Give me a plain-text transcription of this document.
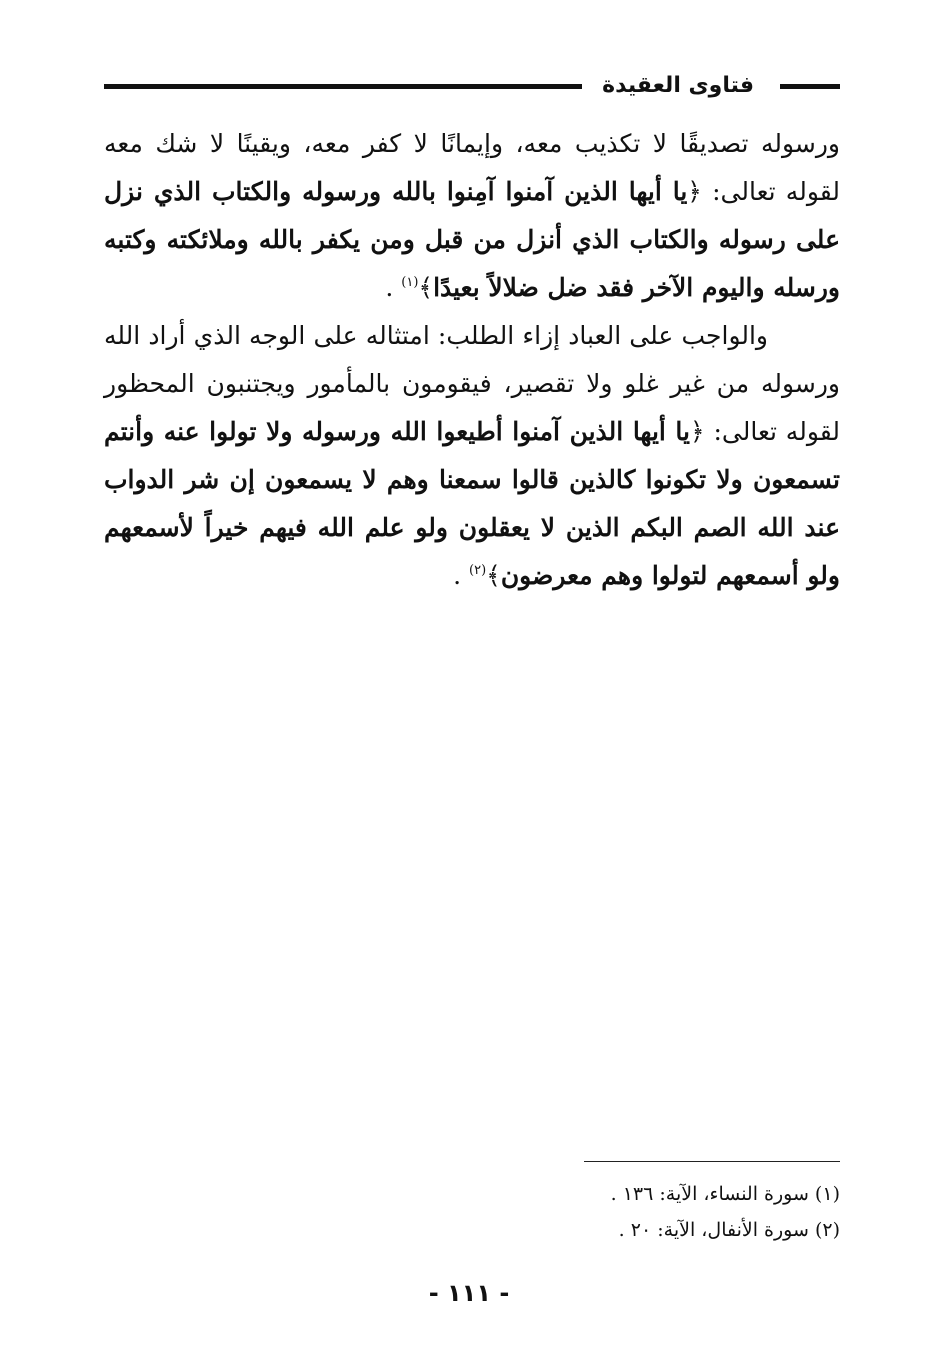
فتاوى العقيدة

ورسوله تصديقًا لا تكذيب معه، وإيمانًا لا كفر معه، ويقينًا لا شك معه لقوله تعالى: ﴿يا أيها الذين آمنوا آمِنوا بالله ورسوله والكتاب الذي نزل على رسوله والكتاب الذي أنزل من قبل ومن يكفر بالله وملائكته وكتبه ورسله واليوم الآخر فقد ضل ضلالاً بعيدًا﴾$^{(١)}$ .

والواجب على العباد إزاء الطلب: امتثاله على الوجه الذي أراد الله ورسوله من غير غلو ولا تقصير، فيقومون بالمأمور ويجتنبون المحظور لقوله تعالى: ﴿يا أيها الذين آمنوا أطيعوا الله ورسوله ولا تولوا عنه وأنتم تسمعون ولا تكونوا كالذين قالوا سمعنا وهم لا يسمعون إن شر الدواب عند الله الصم البكم الذين لا يعقلون ولو علم الله فيهم خيراً لأسمعهم ولو أسمعهم لتولوا وهم معرضون﴾$^{(٢)}$ .

(١) سورة النساء، الآية: ١٣٦ .
(٢) سورة الأنفال، الآية: ٢٠ .
- ١١١ -
